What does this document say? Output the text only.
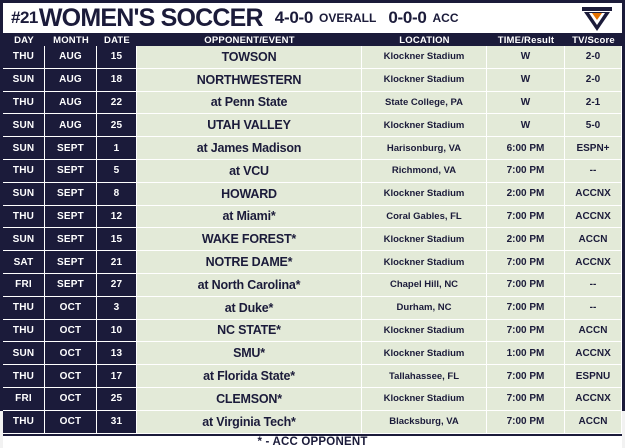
#21 WOMEN'S SOCCER 4-0-0 OVERALL 0-0-0 ACC
DAY	MONTH	DATE	OPPONENT/EVENT	LOCATION	TIME/Result	TV/Score
THU	AUG	15	TOWSON	Klockner Stadium	W	2-0
SUN	AUG	18	NORTHWESTERN	Klockner Stadium	W	2-0
THU	AUG	22	at Penn State	State College, PA	W	2-1
SUN	AUG	25	UTAH VALLEY	Klockner Stadium	W	5-0
SUN	SEPT	1	at James Madison	Harisonburg, VA	6:00 PM	ESPN+
THU	SEPT	5	at VCU	Richmond, VA	7:00 PM	--
SUN	SEPT	8	HOWARD	Klockner Stadium	2:00 PM	ACCNX
THU	SEPT	12	at Miami*	Coral Gables, FL	7:00 PM	ACCNX
SUN	SEPT	15	WAKE FOREST*	Klockner Stadium	2:00 PM	ACCN
SAT	SEPT	21	NOTRE DAME*	Klockner Stadium	7:00 PM	ACCNX
FRI	SEPT	27	at North Carolina*	Chapel Hill, NC	7:00 PM	--
THU	OCT	3	at Duke*	Durham, NC	7:00 PM	--
THU	OCT	10	NC STATE*	Klockner Stadium	7:00 PM	ACCN
SUN	OCT	13	SMU*	Klockner Stadium	1:00 PM	ACCNX
THU	OCT	17	at Florida State*	Tallahassee, FL	7:00 PM	ESPNU
FRI	OCT	25	CLEMSON*	Klockner Stadium	7:00 PM	ACCNX
THU	OCT	31	at Virginia Tech*	Blacksburg, VA	7:00 PM	ACCN
* - ACC OPPONENT
